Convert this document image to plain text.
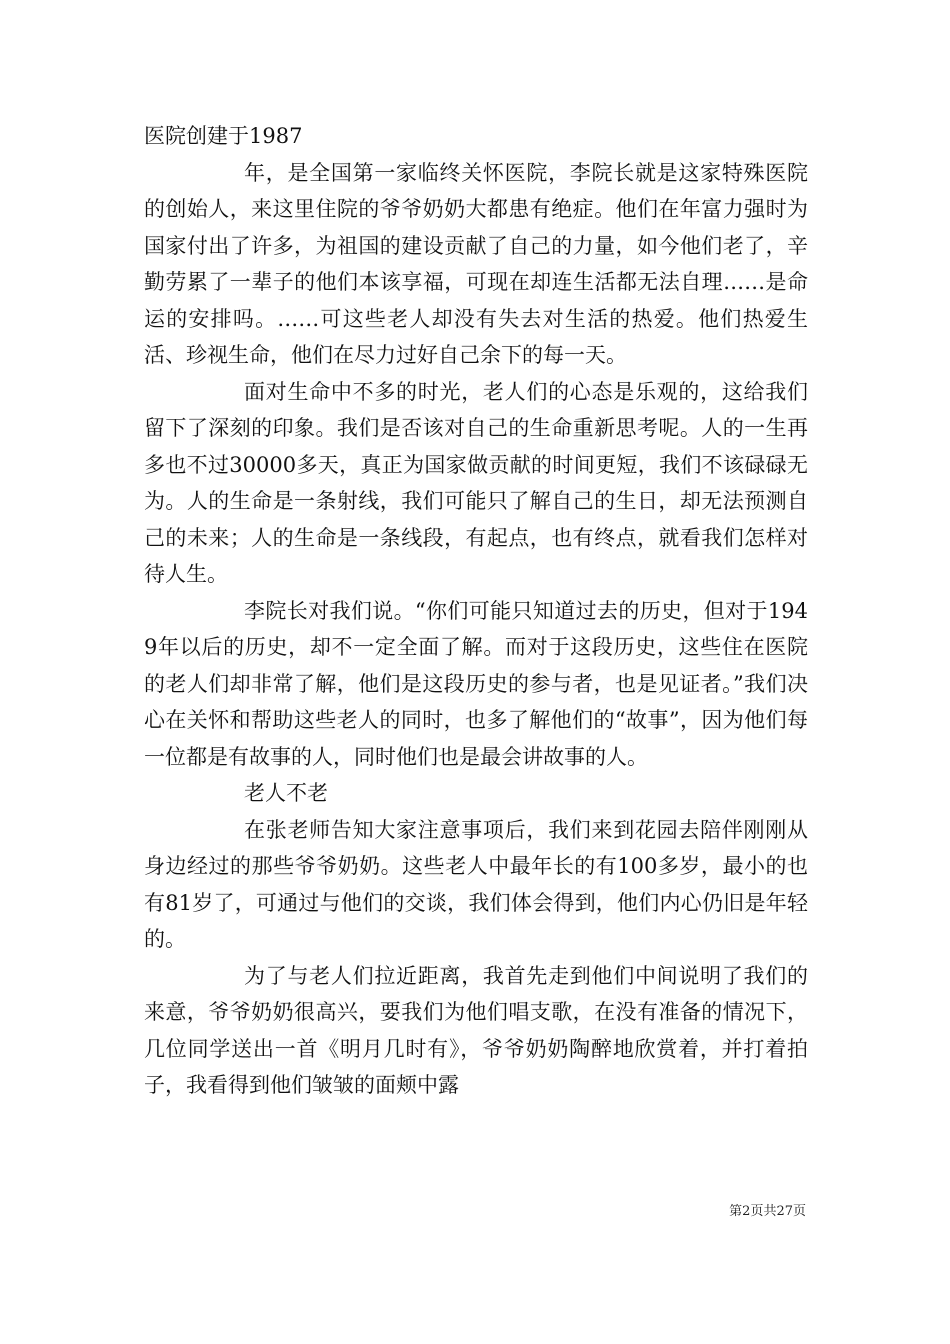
医院创建于1987

年，是全国第一家临终关怀医院，李院长就是这家特殊医院的创始人，来这里住院的爷爷奶奶大都患有绝症。他们在年富力强时为国家付出了许多，为祖国的建设贡献了自己的力量，如今他们老了，辛勤劳累了一辈子的他们本该享福，可现在却连生活都无法自理……是命运的安排吗。……可这些老人却没有失去对生活的热爱。他们热爱生活、珍视生命，他们在尽力过好自己余下的每一天。

面对生命中不多的时光，老人们的心态是乐观的，这给我们留下了深刻的印象。我们是否该对自己的生命重新思考呢。人的一生再多也不过30000多天，真正为国家做贡献的时间更短，我们不该碌碌无为。人的生命是一条射线，我们可能只了解自己的生日，却无法预测自己的未来；人的生命是一条线段，有起点，也有终点，就看我们怎样对待人生。

李院长对我们说。“你们可能只知道过去的历史，但对于1949年以后的历史，却不一定全面了解。而对于这段历史，这些住在医院的老人们却非常了解，他们是这段历史的参与者，也是见证者。”我们决心在关怀和帮助这些老人的同时，也多了解他们的“故事”，因为他们每一位都是有故事的人，同时他们也是最会讲故事的人。

老人不老

在张老师告知大家注意事项后，我们来到花园去陪伴刚刚从身边经过的那些爷爷奶奶。这些老人中最年长的有100多岁，最小的也有81岁了，可通过与他们的交谈，我们体会得到，他们内心仍旧是年轻的。

为了与老人们拉近距离，我首先走到他们中间说明了我们的来意，爷爷奶奶很高兴，要我们为他们唱支歌，在没有准备的情况下，几位同学送出一首《明月几时有》，爷爷奶奶陶醉地欣赏着，并打着拍子，我看得到他们皱皱的面颊中露

第2页共27页
